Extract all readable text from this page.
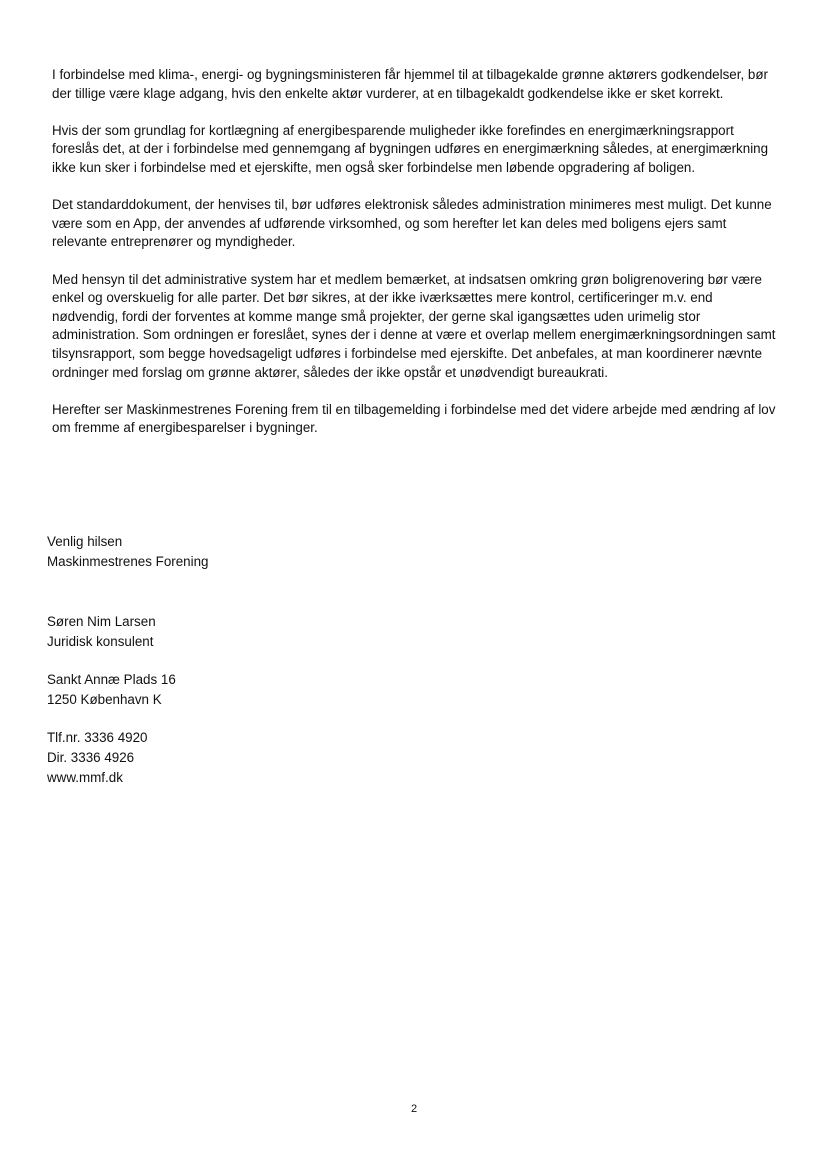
I forbindelse med klima-, energi- og bygningsministeren får hjemmel til at tilbagekalde grønne aktørers godkendelser, bør der tillige være klage adgang, hvis den enkelte aktør vurderer, at en tilbagekaldt godkendelse ikke er sket korrekt.

Hvis der som grundlag for kortlægning af energibesparende muligheder ikke forefindes en energimærkningsrapport foreslås det, at der i forbindelse med gennemgang af bygningen udføres en energimærkning således, at energimærkning ikke kun sker i forbindelse med et ejerskifte, men også sker forbindelse men løbende opgradering af boligen.

Det standarddokument, der henvises til, bør udføres elektronisk således administration minimeres mest muligt. Det kunne være som en App, der anvendes af udførende virksomhed, og som herefter let kan deles med boligens ejers samt relevante entreprenører og myndigheder.

Med hensyn til det administrative system har et medlem bemærket, at indsatsen omkring grøn boligrenovering bør være enkel og overskuelig for alle parter. Det bør sikres, at der ikke iværksættes mere kontrol, certificeringer m.v. end nødvendig, fordi der forventes at komme mange små projekter, der gerne skal igangsættes uden urimelig stor administration. Som ordningen er foreslået, synes der i denne at være et overlap mellem energimærkningsordningen samt tilsynsrapport, som begge hovedsageligt udføres i forbindelse med ejerskifte. Det anbefales, at man koordinerer nævnte ordninger med forslag om grønne aktører, således der ikke opstår et unødvendigt bureaukrati.

Herefter ser Maskinmestrenes Forening frem til en tilbagemelding i forbindelse med det videre arbejde med ændring af lov om fremme af energibesparelser i bygninger.

Venlig hilsen
Maskinmestrenes Forening
Søren Nim Larsen
Juridisk konsulent
Sankt Annæ Plads 16
1250 København K
Tlf.nr. 3336 4920
Dir. 3336 4926
www.mmf.dk
2
